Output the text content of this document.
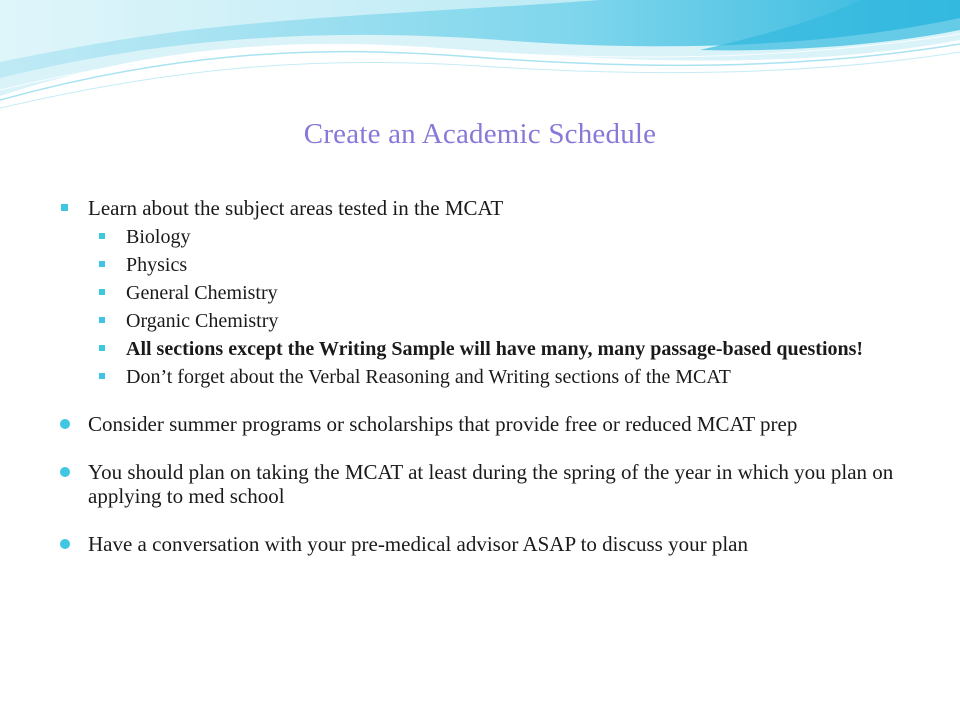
Create an Academic Schedule
Learn about the subject areas tested in the MCAT
Biology
Physics
General Chemistry
Organic Chemistry
All sections except the Writing Sample will have many, many passage-based questions!
Don’t forget about the Verbal Reasoning and Writing sections of the MCAT
Consider summer programs or scholarships that provide free or reduced MCAT prep
You should plan on taking the MCAT at least during the spring of the year in which you plan on applying to med school
Have a conversation with your pre-medical advisor ASAP to discuss your plan
